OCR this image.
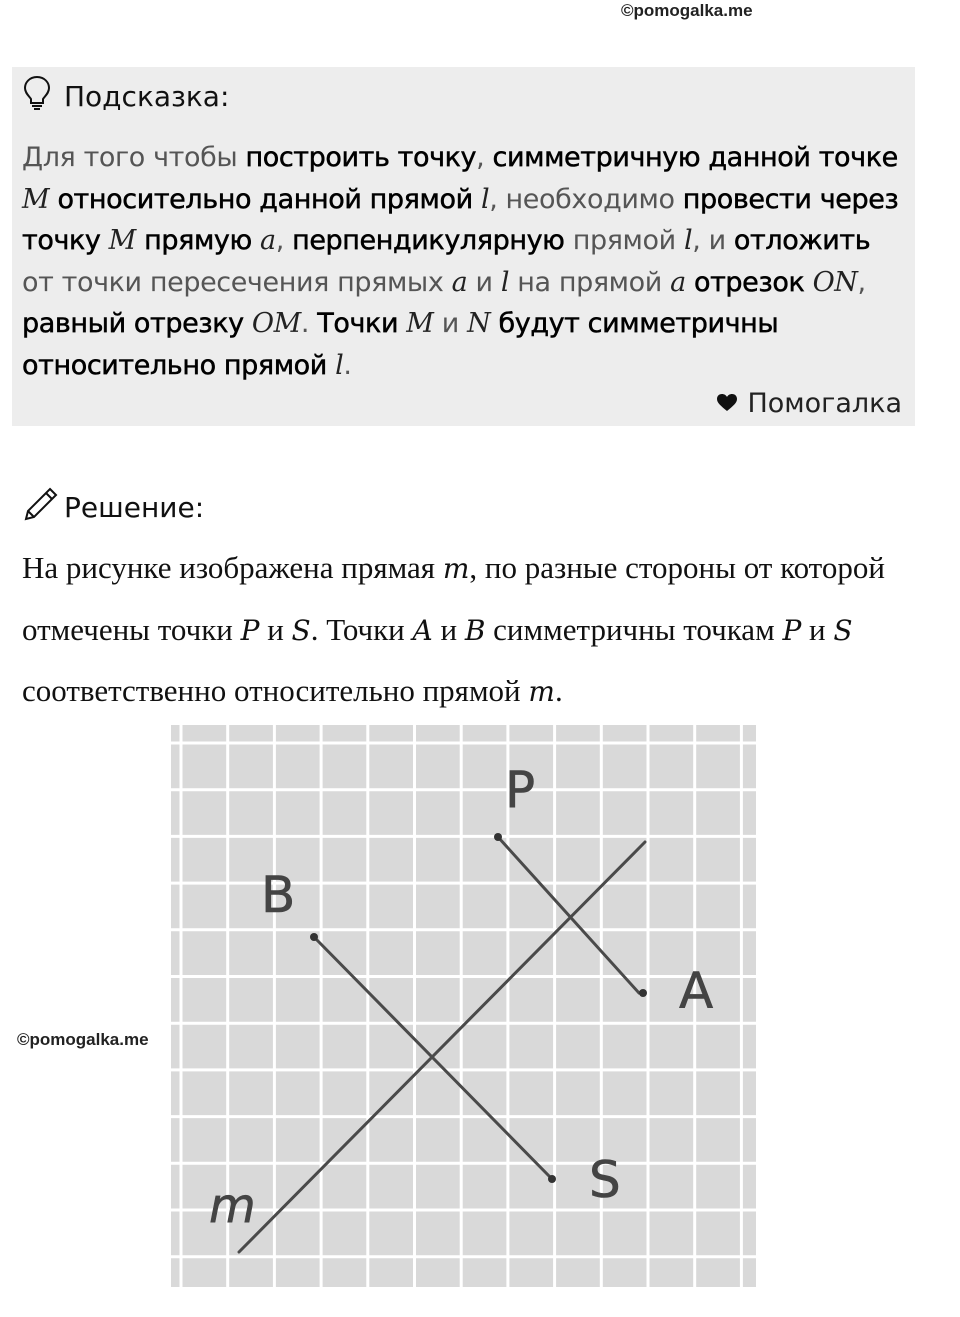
©pomogalka.me
Подсказка:
Для того чтобы построить точку, симметричную данной точке M относительно данной прямой l, необходимо провести через точку M прямую a, перпендикулярную прямой l, и отложить от точки пересечения прямых a и l на прямой a отрезок ON, равный отрезку OM. Точки M и N будут симметричны относительно прямой l.
Помогалка
Решение:
На рисунке изображена прямая m, по разные стороны от которой отмечены точки P и S. Точки A и B симметричны точкам P и S соответственно относительно прямой m.
P
A
B
S
m
©pomogalka.me
